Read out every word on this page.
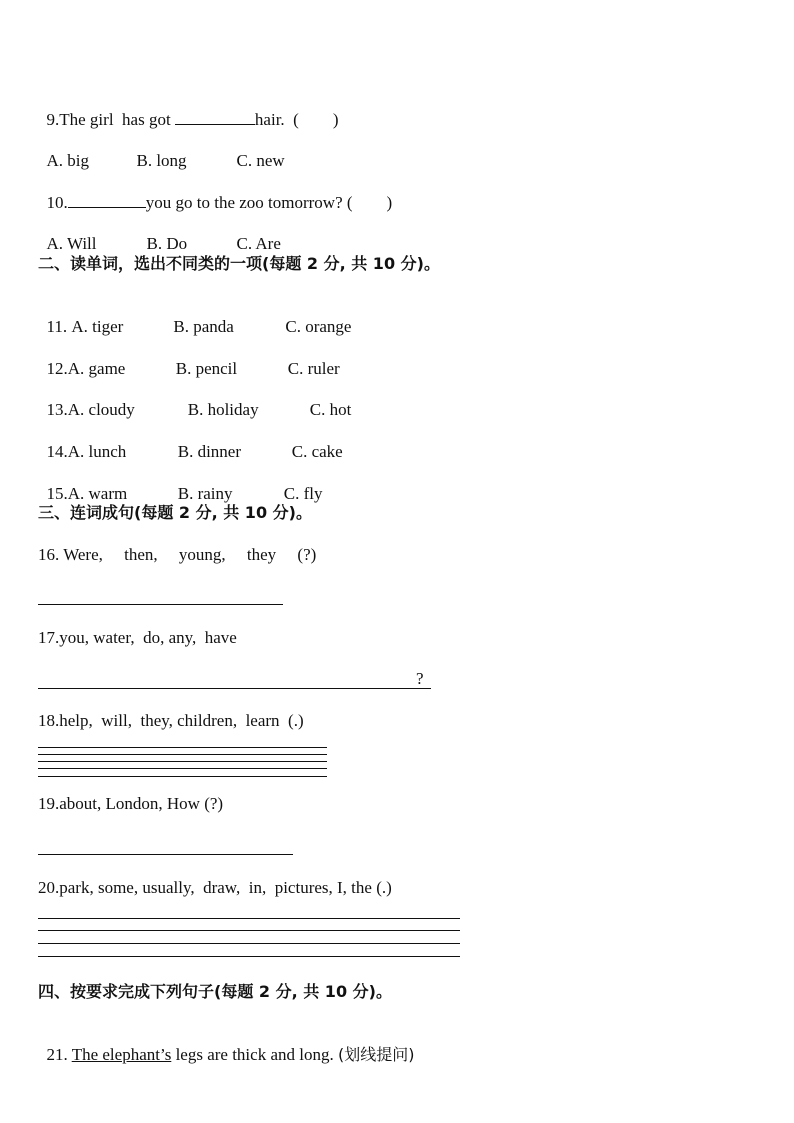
9.The girl  has got	hair.  ( )

A. big	B. long	C. new

10.	you go to the zoo tomorrow? ( )

A. Will	B. Do	C. Are

二、读单词，选出不同类的一项(每题 2 分, 共 10 分)。

11. A. tiger	B. panda	C. orange

12.A. game	B. pencil	C. ruler

13.A. cloudy	B. holiday	C. hot

14.A. lunch	B. dinner	C. cake

15.A. warm	B. rainy	C. fly

三、连词成句(每题 2 分, 共 10 分)。
16. Were,     then,     young,     they     (?)
17.you, water,  do, any,  have
?
18.help,  will,  they, children,  learn  (.)
19.about, London, How (?)
20.park, some, usually,  draw,  in,  pictures, I, the (.)
四、按要求完成下列句子(每题 2 分, 共 10 分)。

21. The elephant’s legs are thick and long. (划线提问)
